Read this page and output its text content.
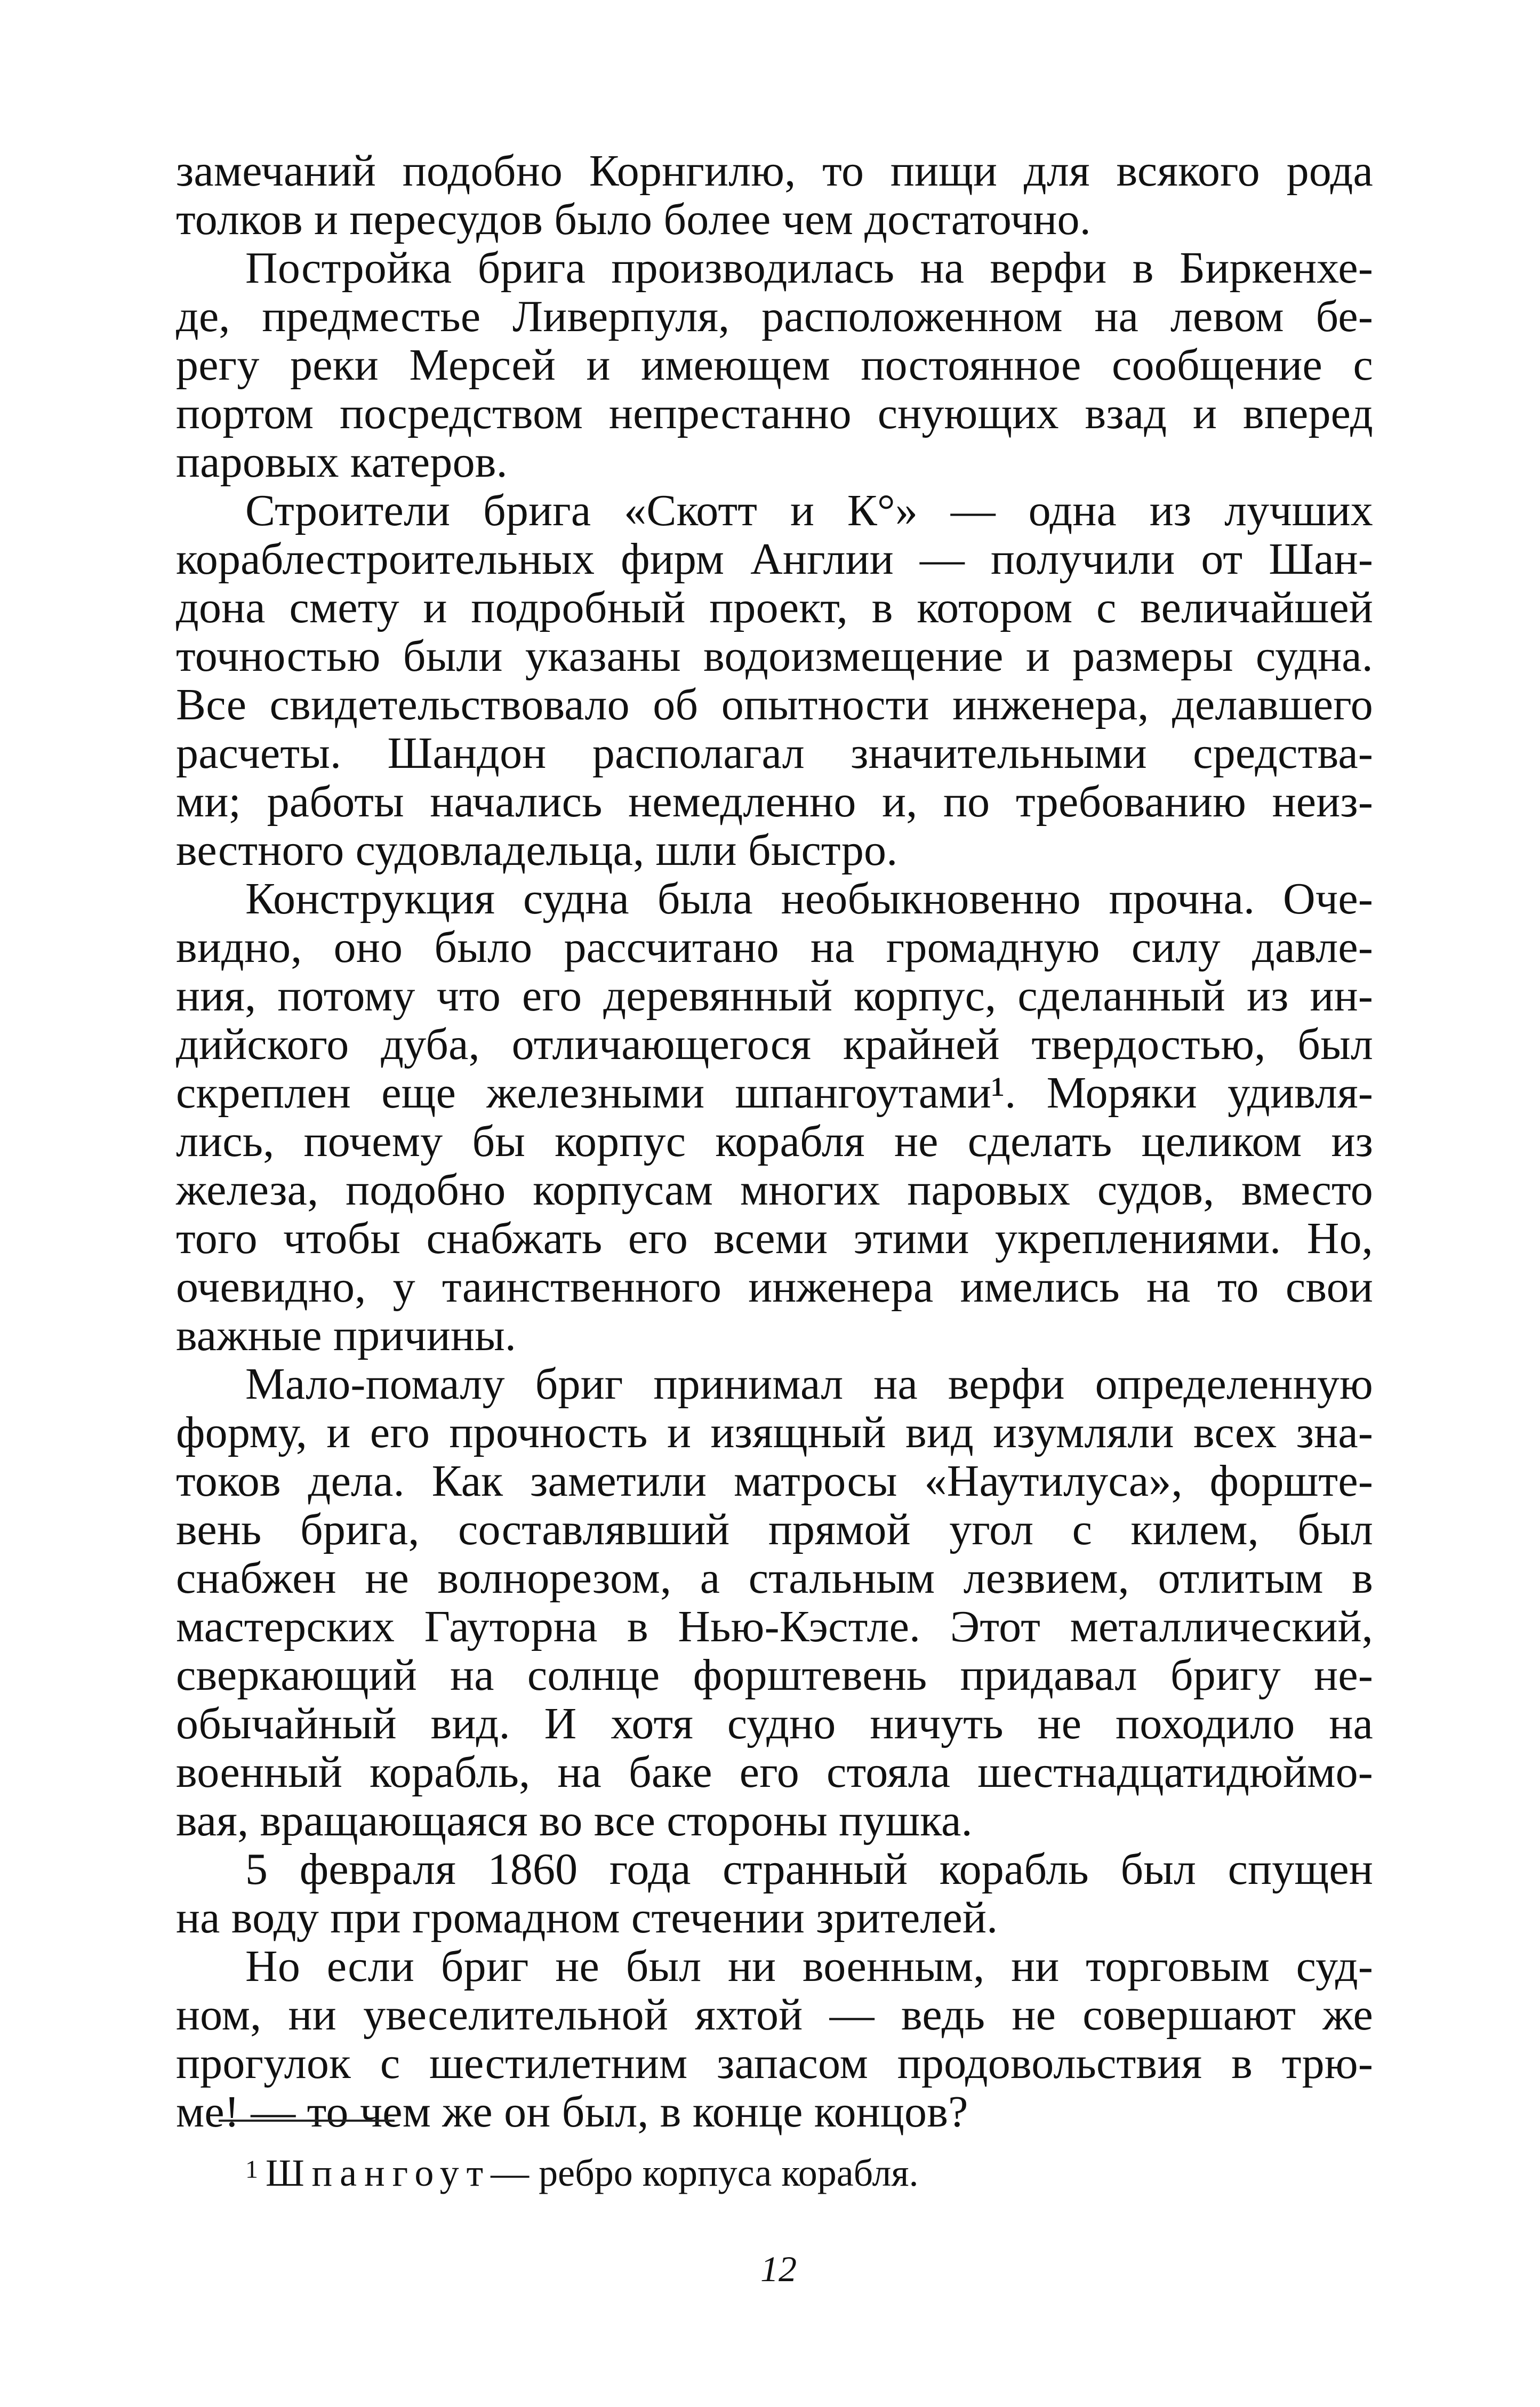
замечаний подобно Корнгилю, то пищи для всякого рода
толков и пересудов было более чем достаточно.
Постройка брига производилась на верфи в Биркенхе-
де, предместье Ливерпуля, расположенном на левом бе-
регу реки Мерсей и имеющем постоянное сообщение с
портом посредством непрестанно снующих взад и вперед
паровых катеров.
Строители брига «Скотт и К°» — одна из лучших
кораблестроительных фирм Англии — получили от Шан-
дона смету и подробный проект, в котором с величайшей
точностью были указаны водоизмещение и размеры судна.
Все свидетельствовало об опытности инженера, делавшего
расчеты. Шандон располагал значительными средства-
ми; работы начались немедленно и, по требованию неиз-
вестного судовладельца, шли быстро.
Конструкция судна была необыкновенно прочна. Оче-
видно, оно было рассчитано на громадную силу давле-
ния, потому что его деревянный корпус, сделанный из ин-
дийского дуба, отличающегося крайней твердостью, был
скреплен еще железными шпангоутами¹. Моряки удивля-
лись, почему бы корпус корабля не сделать целиком из
железа, подобно корпусам многих паровых судов, вместо
того чтобы снабжать его всеми этими укреплениями. Но,
очевидно, у таинственного инженера имелись на то свои
важные причины.
Мало-помалу бриг принимал на верфи определенную
форму, и его прочность и изящный вид изумляли всех зна-
токов дела. Как заметили матросы «Наутилуса», форште-
вень брига, составлявший прямой угол с килем, был
снабжен не волнорезом, а стальным лезвием, отлитым в
мастерских Гауторна в Нью-Кэстле. Этот металлический,
сверкающий на солнце форштевень придавал бригу не-
обычайный вид. И хотя судно ничуть не походило на
военный корабль, на баке его стояла шестнадцатидюймо-
вая, вращающаяся во все стороны пушка.
5 февраля 1860 года странный корабль был спущен
на воду при громадном стечении зрителей.
Но если бриг не был ни военным, ни торговым суд-
ном, ни увеселительной яхтой — ведь не совершают же
прогулок с шестилетним запасом продовольствия в трю-
ме! — то чем же он был, в конце концов?
$^1$ Шпангоут— ребро корпуса корабля.
12
